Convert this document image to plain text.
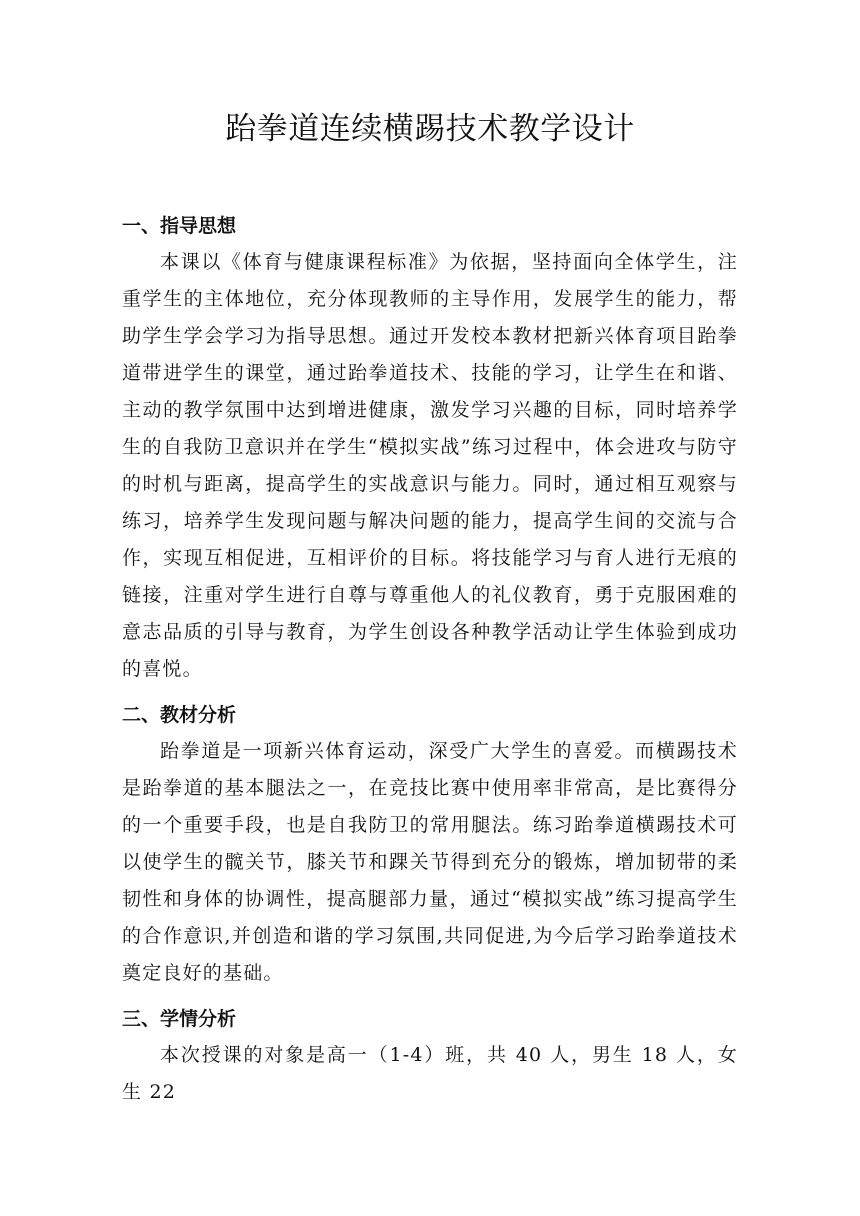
跆拳道连续横踢技术教学设计
一、指导思想

本课以《体育与健康课程标准》为依据，坚持面向全体学生，注重学生的主体地位，充分体现教师的主导作用，发展学生的能力，帮助学生学会学习为指导思想。通过开发校本教材把新兴体育项目跆拳道带进学生的课堂，通过跆拳道技术、技能的学习，让学生在和谐、主动的教学氛围中达到增进健康，激发学习兴趣的目标，同时培养学生的自我防卫意识并在学生“模拟实战”练习过程中，体会进攻与防守的时机与距离，提高学生的实战意识与能力。同时，通过相互观察与练习，培养学生发现问题与解决问题的能力，提高学生间的交流与合作，实现互相促进，互相评价的目标。将技能学习与育人进行无痕的链接，注重对学生进行自尊与尊重他人的礼仪教育，勇于克服困难的意志品质的引导与教育，为学生创设各种教学活动让学生体验到成功的喜悦。

二、教材分析

跆拳道是一项新兴体育运动，深受广大学生的喜爱。而横踢技术是跆拳道的基本腿法之一，在竞技比赛中使用率非常高，是比赛得分的一个重要手段，也是自我防卫的常用腿法。练习跆拳道横踢技术可以使学生的髋关节，膝关节和踝关节得到充分的锻炼，增加韧带的柔韧性和身体的协调性，提高腿部力量，通过“模拟实战”练习提高学生的合作意识,并创造和谐的学习氛围,共同促进,为今后学习跆拳道技术奠定良好的基础。

三、学情分析

本次授课的对象是高一（1-4）班，共 40 人，男生 18 人，女生 22
